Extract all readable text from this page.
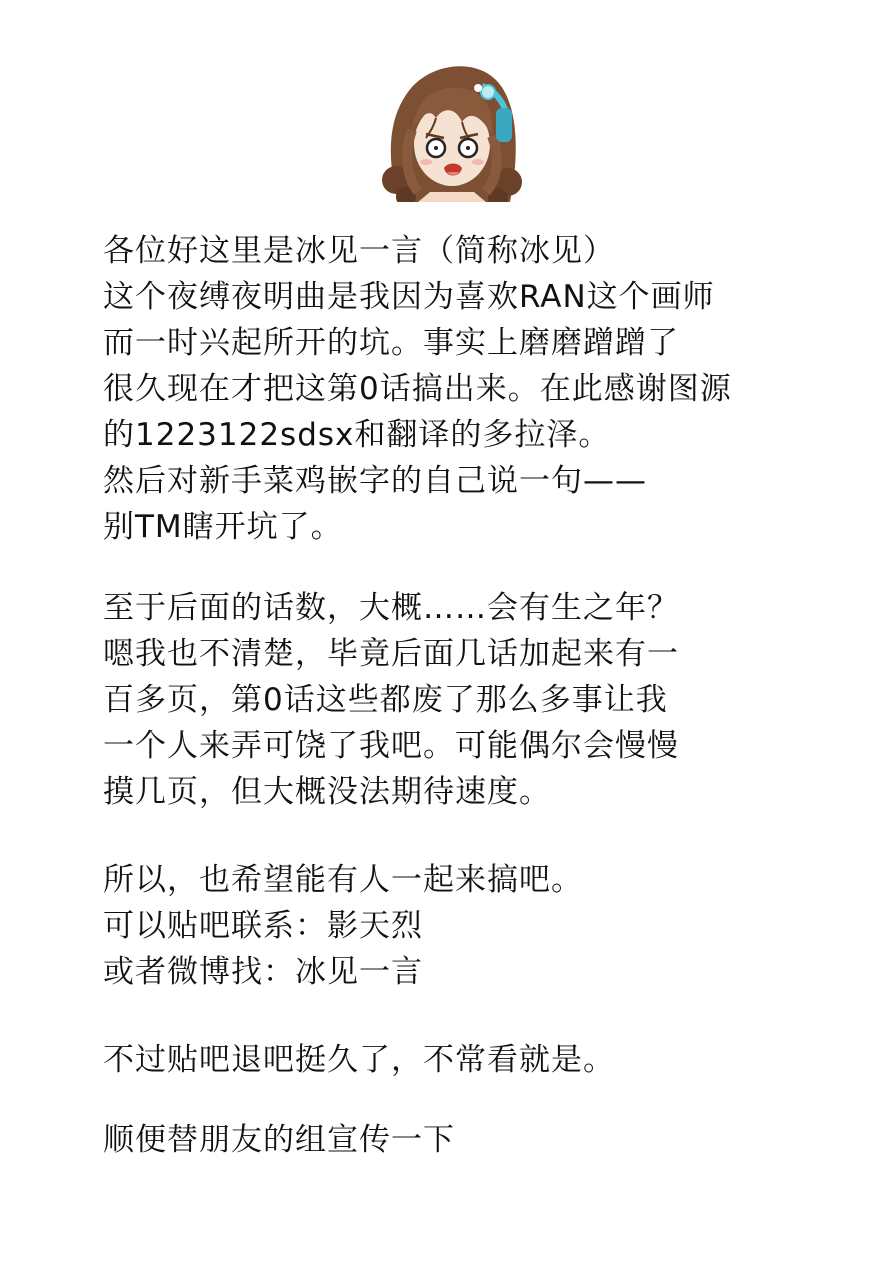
各位好这里是冰见一言（简称冰见）
这个夜缚夜明曲是我因为喜欢RAN这个画师
而一时兴起所开的坑。事实上磨磨蹭蹭了
很久现在才把这第0话搞出来。在此感谢图源
的1223122sdsx和翻译的多拉泽。
然后对新手菜鸡嵌字的自己说一句——
别TM瞎开坑了。
至于后面的话数，大概……会有生之年？
嗯我也不清楚，毕竟后面几话加起来有一
百多页，第0话这些都废了那么多事让我
一个人来弄可饶了我吧。可能偶尔会慢慢
摸几页，但大概没法期待速度。
所以，也希望能有人一起来搞吧。
可以贴吧联系：影天烈
或者微博找：冰见一言
不过贴吧退吧挺久了，不常看就是。
顺便替朋友的组宣传一下
